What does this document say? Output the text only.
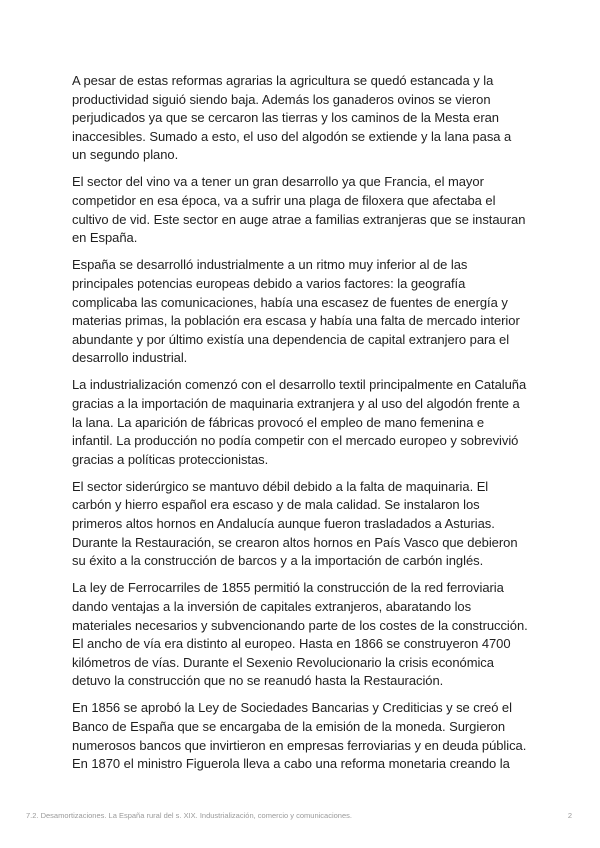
A pesar de estas reformas agrarias la agricultura se quedó estancada y la productividad siguió siendo baja. Además los ganaderos ovinos se vieron perjudicados ya que se cercaron las tierras y los caminos de la Mesta eran inaccesibles. Sumado a esto, el uso del algodón se extiende y la lana pasa a un segundo plano.

El sector del vino va a tener un gran desarrollo ya que Francia, el mayor competidor en esa época, va a sufrir una plaga de filoxera que afectaba el cultivo de vid. Este sector en auge atrae a familias extranjeras que se instauran en España.

España se desarrolló industrialmente a un ritmo muy inferior al de las principales potencias europeas debido a varios factores: la geografía complicaba las comunicaciones, había una escasez de fuentes de energía y materias primas, la población era escasa y había una falta de mercado interior abundante y por último existía una dependencia de capital extranjero para el desarrollo industrial.

La industrialización comenzó con el desarrollo textil principalmente en Cataluña gracias a la importación de maquinaria extranjera y al uso del algodón frente a la lana. La aparición de fábricas provocó el empleo de mano femenina e infantil. La producción no podía competir con el mercado europeo y sobrevivió gracias a políticas proteccionistas.

El sector siderúrgico se mantuvo débil debido a la falta de maquinaria. El carbón y hierro español era escaso y de mala calidad. Se instalaron los primeros altos hornos en Andalucía aunque fueron trasladados a Asturias. Durante la Restauración, se crearon altos hornos en País Vasco que debieron su éxito a la construcción de barcos y a la importación de carbón inglés.

La ley de Ferrocarriles de 1855 permitió la construcción de la red ferroviaria dando ventajas a la inversión de capitales extranjeros, abaratando los materiales necesarios y subvencionando parte de los costes de la construcción. El ancho de vía era distinto al europeo. Hasta en 1866 se construyeron 4700 kilómetros de vías. Durante el Sexenio Revolucionario la crisis económica detuvo la construcción que no se reanudó hasta la Restauración.

En 1856 se aprobó la Ley de Sociedades Bancarias y Crediticias y se creó el Banco de España que se encargaba de la emisión de la moneda. Surgieron numerosos bancos que invirtieron en empresas ferroviarias y en deuda pública. En 1870 el ministro Figuerola lleva a cabo una reforma monetaria creando la

7.2. Desamortizaciones. La España rural del s. XIX. Industrialización, comercio y comunicaciones.	2
